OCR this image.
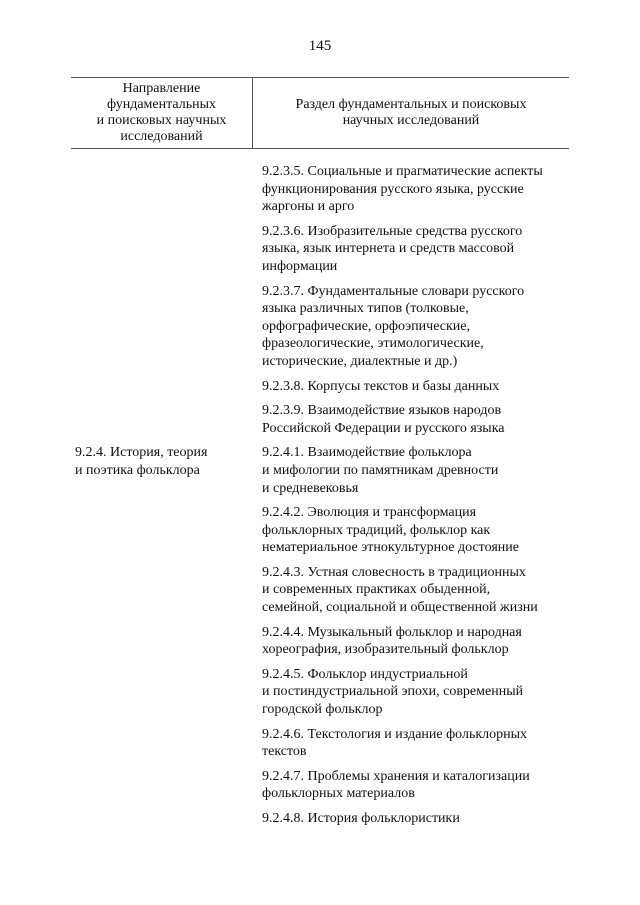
145
Направление
фундаментальных
и поисковых научных
исследований
Раздел фундаментальных и поисковых
научных исследований
9.2.3.5. Социальные и прагматические аспекты
функционирования русского языка, русские
жаргоны и арго
9.2.3.6. Изобразительные средства русского
языка, язык интернета и средств массовой
информации
9.2.3.7. Фундаментальные словари русского
языка различных типов (толковые,
орфографические, орфоэпические,
фразеологические, этимологические,
исторические, диалектные и др.)
9.2.3.8. Корпусы текстов и базы данных
9.2.3.9. Взаимодействие языков народов
Российской Федерации и русского языка
9.2.4. История, теория
и поэтика фольклора
9.2.4.1. Взаимодействие фольклора
и мифологии по памятникам древности
и средневековья
9.2.4.2. Эволюция и трансформация
фольклорных традиций, фольклор как
нематериальное этнокультурное достояние
9.2.4.3. Устная словесность в традиционных
и современных практиках обыденной,
семейной, социальной и общественной жизни
9.2.4.4. Музыкальный фольклор и народная
хореография, изобразительный фольклор
9.2.4.5. Фольклор индустриальной
и постиндустриальной эпохи, современный
городской фольклор
9.2.4.6. Текстология и издание фольклорных
текстов
9.2.4.7. Проблемы хранения и каталогизации
фольклорных материалов
9.2.4.8. История фольклористики
